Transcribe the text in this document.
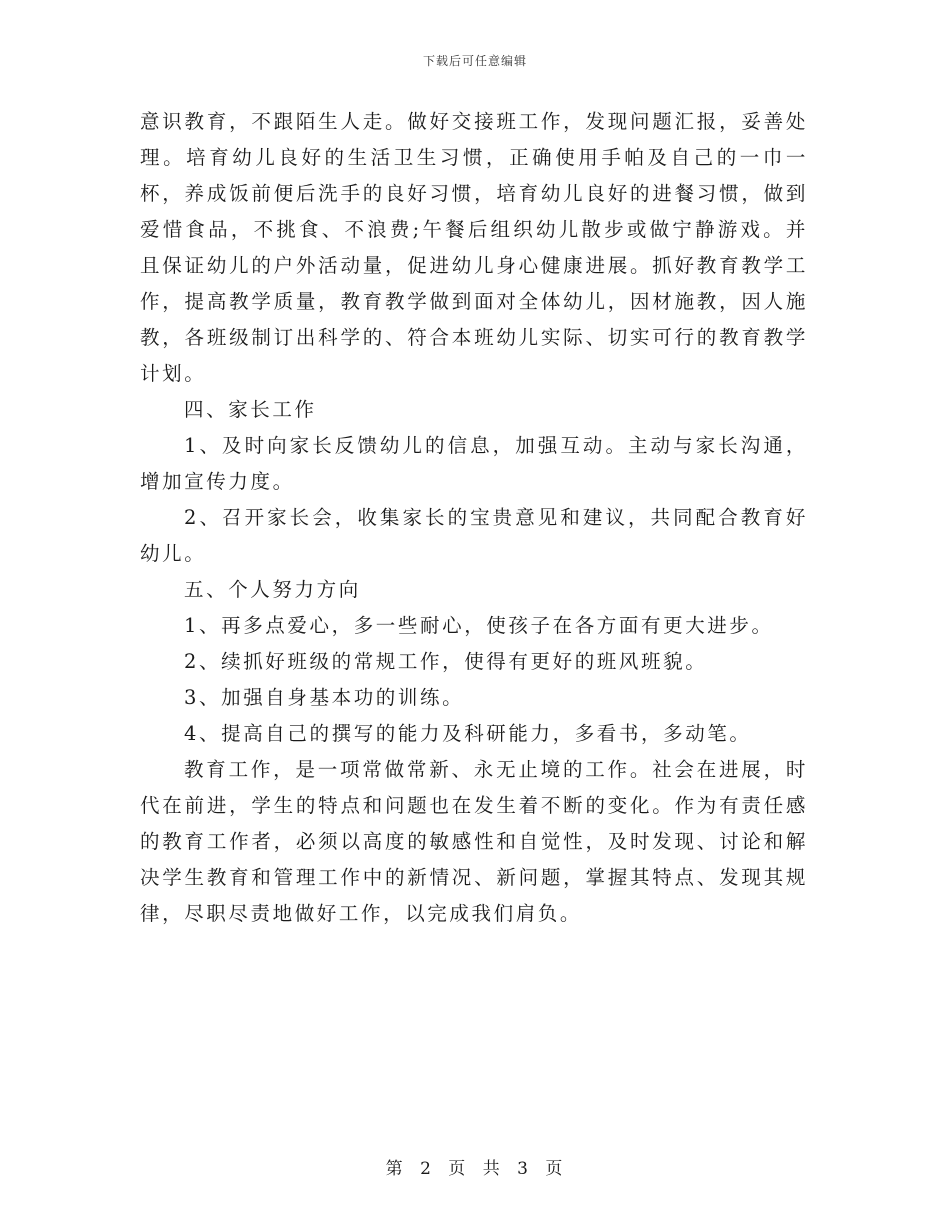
下载后可任意编辑

意识教育，不跟陌生人走。做好交接班工作，发现问题汇报，妥善处理。培育幼儿良好的生活卫生习惯，正确使用手帕及自己的一巾一杯，养成饭前便后洗手的良好习惯，培育幼儿良好的进餐习惯，做到爱惜食品，不挑食、不浪费;午餐后组织幼儿散步或做宁静游戏。并且保证幼儿的户外活动量，促进幼儿身心健康进展。抓好教育教学工作，提高教学质量，教育教学做到面对全体幼儿，因材施教，因人施教，各班级制订出科学的、符合本班幼儿实际、切实可行的教育教学计划。

四、家长工作

1、及时向家长反馈幼儿的信息，加强互动。主动与家长沟通，增加宣传力度。

2、召开家长会，收集家长的宝贵意见和建议，共同配合教育好幼儿。

五、个人努力方向

1、再多点爱心，多一些耐心，使孩子在各方面有更大进步。

2、续抓好班级的常规工作，使得有更好的班风班貌。

3、加强自身基本功的训练。

4、提高自己的撰写的能力及科研能力，多看书，多动笔。

教育工作，是一项常做常新、永无止境的工作。社会在进展，时代在前进，学生的特点和问题也在发生着不断的变化。作为有责任感的教育工作者，必须以高度的敏感性和自觉性，及时发现、讨论和解决学生教育和管理工作中的新情况、新问题，掌握其特点、发现其规律，尽职尽责地做好工作，以完成我们肩负。

第 2 页 共 3 页
